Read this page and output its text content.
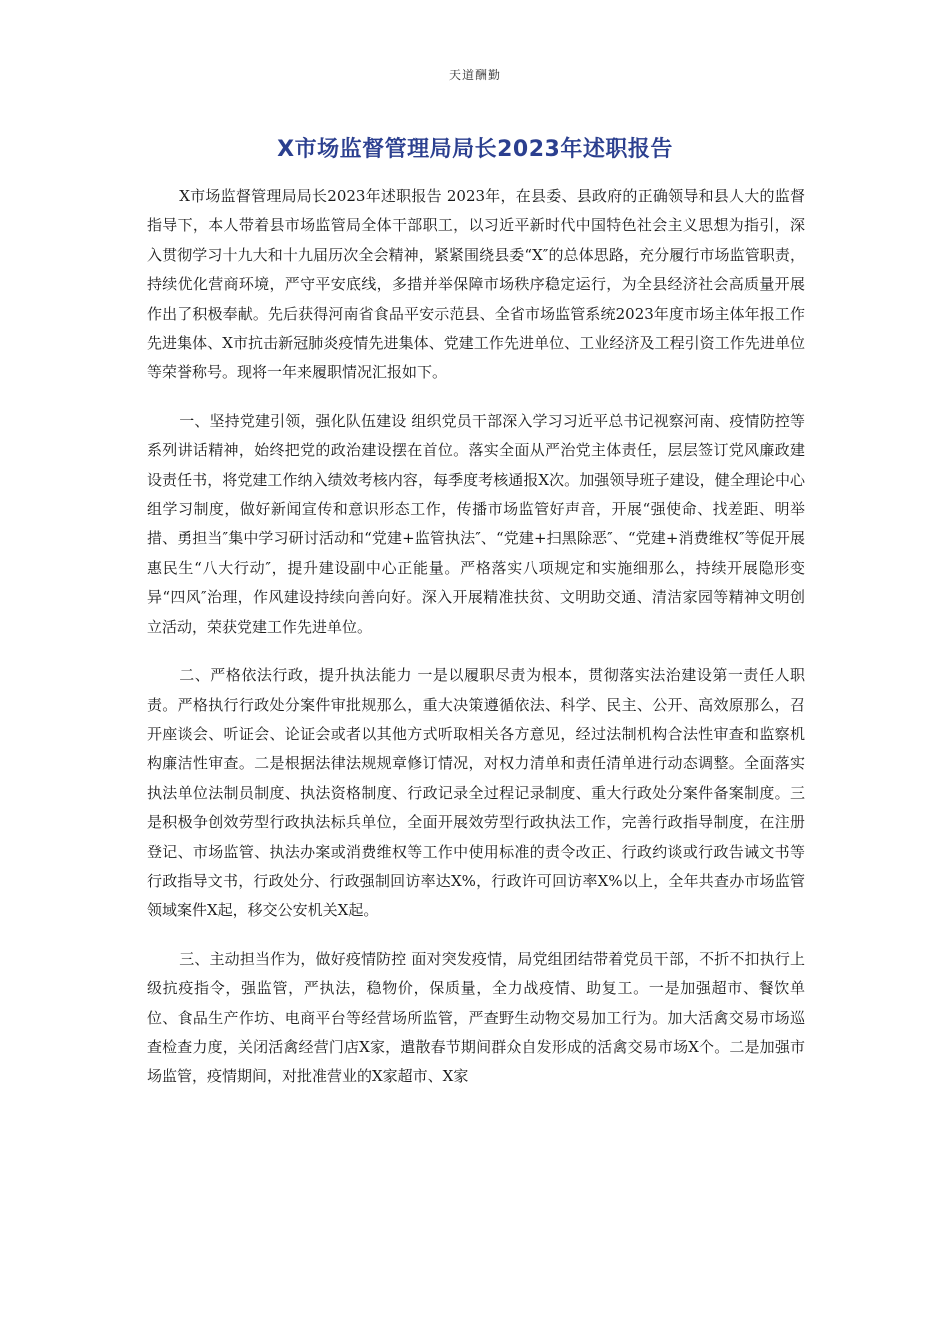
天道酬勤
X市场监督管理局局长2023年述职报告

X市场监督管理局局长2023年述职报告 2023年，在县委、县政府的正确领导和县人大的监督指导下，本人带着县市场监管局全体干部职工，以习近平新时代中国特色社会主义思想为指引，深入贯彻学习十九大和十九届历次全会精神，紧紧围绕县委“X″的总体思路，充分履行市场监管职责，持续优化营商环境，严守平安底线，多措并举保障市场秩序稳定运行，为全县经济社会高质量开展作出了积极奉献。先后获得河南省食品平安示范县、全省市场监管系统2023年度市场主体年报工作先进集体、X市抗击新冠肺炎疫情先进集体、党建工作先进单位、工业经济及工程引资工作先进单位等荣誉称号。现将一年来履职情况汇报如下。

一、坚持党建引领，强化队伍建设 组织党员干部深入学习习近平总书记视察河南、疫情防控等系列讲话精神，始终把党的政治建设摆在首位。落实全面从严治党主体责任，层层签订党风廉政建设责任书，将党建工作纳入绩效考核内容，每季度考核通报X次。加强领导班子建设，健全理论中心组学习制度，做好新闻宣传和意识形态工作，传播市场监管好声音，开展“强使命、找差距、明举措、勇担当″集中学习研讨活动和“党建+监管执法″、“党建+扫黑除恶″、“党建+消费维权″等促开展惠民生“八大行动″，提升建设副中心正能量。严格落实八项规定和实施细那么，持续开展隐形变异“四风″治理，作风建设持续向善向好。深入开展精准扶贫、文明助交通、清洁家园等精神文明创立活动，荣获党建工作先进单位。

二、严格依法行政，提升执法能力 一是以履职尽责为根本，贯彻落实法治建设第一责任人职责。严格执行行政处分案件审批规那么，重大决策遵循依法、科学、民主、公开、高效原那么，召开座谈会、听证会、论证会或者以其他方式听取相关各方意见，经过法制机构合法性审查和监察机构廉洁性审查。二是根据法律法规规章修订情况，对权力清单和责任清单进行动态调整。全面落实执法单位法制员制度、执法资格制度、行政记录全过程记录制度、重大行政处分案件备案制度。三是积极争创效劳型行政执法标兵单位，全面开展效劳型行政执法工作，完善行政指导制度，在注册登记、市场监管、执法办案或消费维权等工作中使用标准的责令改正、行政约谈或行政告诫文书等行政指导文书，行政处分、行政强制回访率达X%，行政许可回访率X%以上，全年共查办市场监管领域案件X起，移交公安机关X起。

三、主动担当作为，做好疫情防控 面对突发疫情，局党组团结带着党员干部，不折不扣执行上级抗疫指令，强监管，严执法，稳物价，保质量，全力战疫情、助复工。一是加强超市、餐饮单位、食品生产作坊、电商平台等经营场所监管，严查野生动物交易加工行为。加大活禽交易市场巡查检查力度，关闭活禽经营门店X家，遣散春节期间群众自发形成的活禽交易市场X个。二是加强市场监管，疫情期间，对批准营业的X家超市、X家
